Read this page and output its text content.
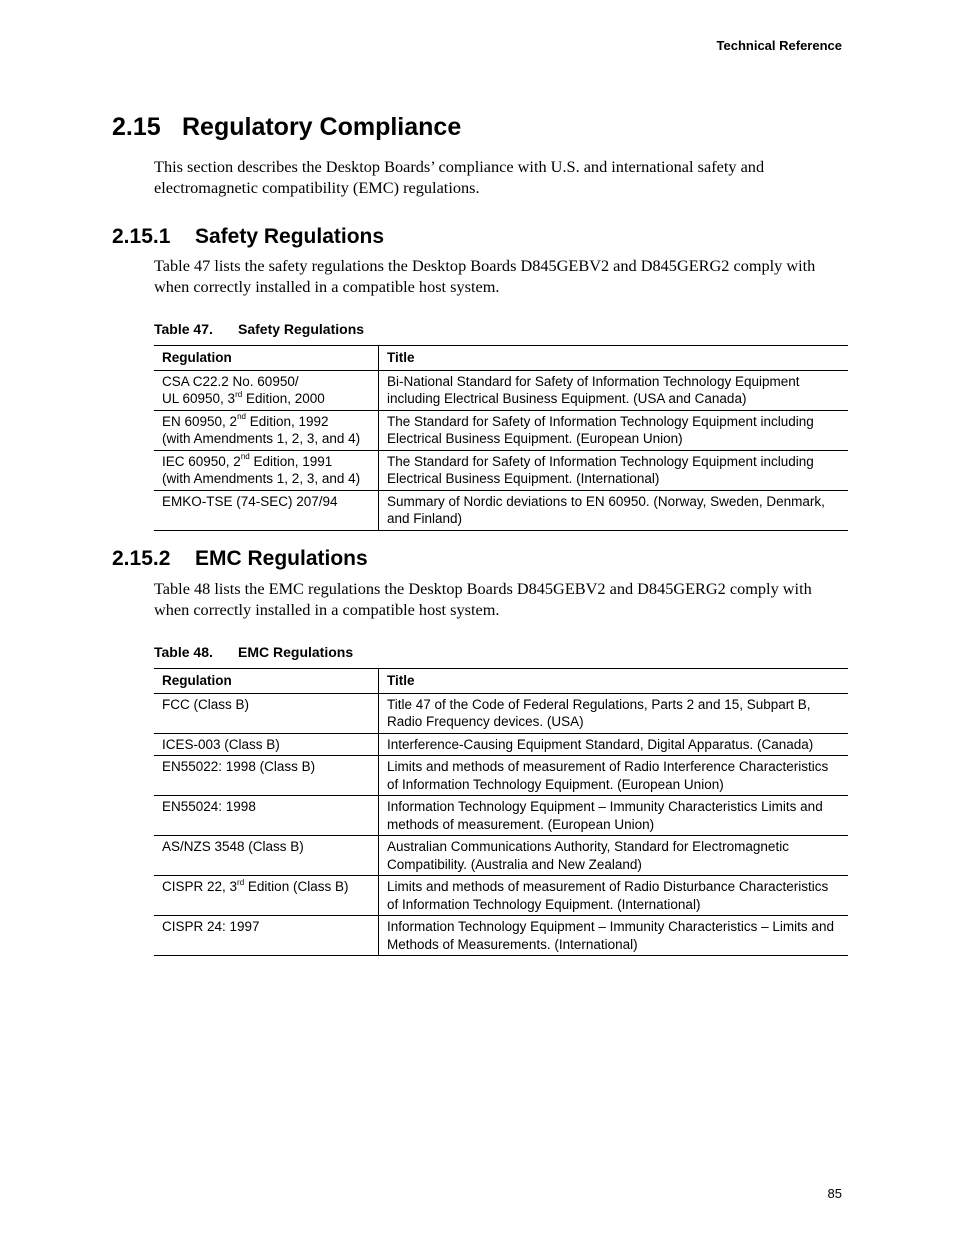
Technical Reference
2.15 Regulatory Compliance

This section describes the Desktop Boards’ compliance with U.S. and international safety and electromagnetic compatibility (EMC) regulations.

2.15.1 Safety Regulations

Table 47 lists the safety regulations the Desktop Boards D845GEBV2 and D845GERG2 comply with when correctly installed in a compatible host system.

Table 47. Safety Regulations

Regulation	Title
CSA C22.2 No. 60950/
UL 60950, 3rd Edition, 2000	Bi-National Standard for Safety of Information Technology Equipment including Electrical Business Equipment. (USA and Canada)
EN 60950, 2nd Edition, 1992
(with Amendments 1, 2, 3, and 4)	The Standard for Safety of Information Technology Equipment including Electrical Business Equipment. (European Union)
IEC 60950, 2nd Edition, 1991
(with Amendments 1, 2, 3, and 4)	The Standard for Safety of Information Technology Equipment including Electrical Business Equipment. (International)
EMKO-TSE (74-SEC) 207/94	Summary of Nordic deviations to EN 60950. (Norway, Sweden, Denmark, and Finland)
2.15.2 EMC Regulations

Table 48 lists the EMC regulations the Desktop Boards D845GEBV2 and D845GERG2 comply with when correctly installed in a compatible host system.

Table 48. EMC Regulations

Regulation	Title
FCC (Class B)	Title 47 of the Code of Federal Regulations, Parts 2 and 15, Subpart B, Radio Frequency devices. (USA)
ICES-003 (Class B)	Interference-Causing Equipment Standard, Digital Apparatus. (Canada)
EN55022: 1998 (Class B)	Limits and methods of measurement of Radio Interference Characteristics of Information Technology Equipment. (European Union)
EN55024: 1998	Information Technology Equipment – Immunity Characteristics Limits and methods of measurement. (European Union)
AS/NZS 3548 (Class B)	Australian Communications Authority, Standard for Electromagnetic Compatibility. (Australia and New Zealand)
CISPR 22, 3rd Edition (Class B)	Limits and methods of measurement of Radio Disturbance Characteristics of Information Technology Equipment. (International)
CISPR 24: 1997	Information Technology Equipment – Immunity Characteristics – Limits and Methods of Measurements. (International)
85
